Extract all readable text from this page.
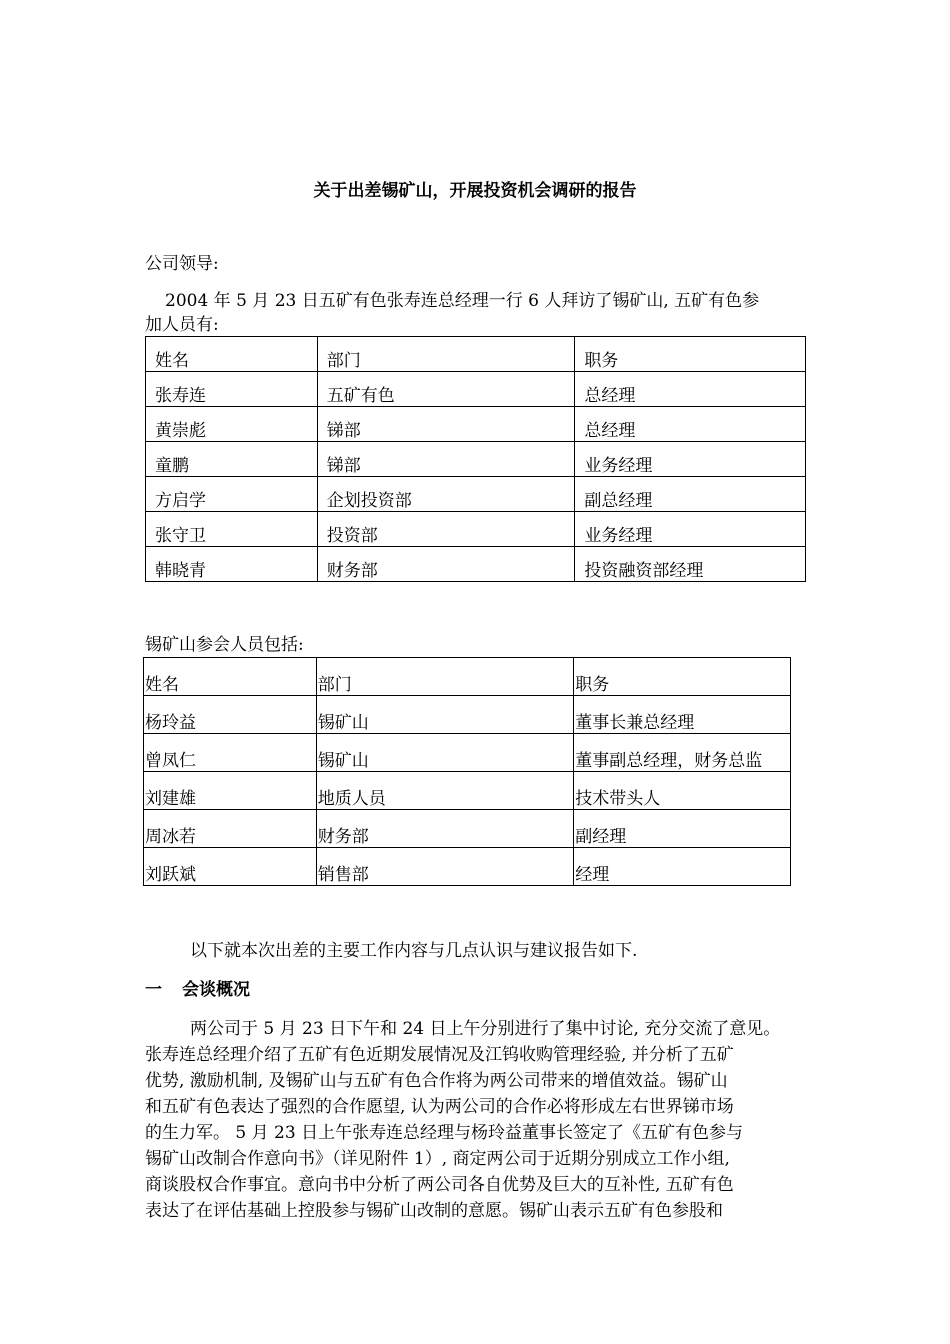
关于出差锡矿山，开展投资机会调研的报告
公司领导:
2004 年 5 月 23 日五矿有色张寿连总经理一行 6 人拜访了锡矿山, 五矿有色参
加人员有:
姓名	部门	职务
张寿连	五矿有色	总经理
黄崇彪	锑部	总经理
童鹏	锑部	业务经理
方启学	企划投资部	副总经理
张守卫	投资部	业务经理
韩晓青	财务部	投资融资部经理
锡矿山参会人员包括:
姓名	部门	职务
杨玲益	锡矿山	董事长兼总经理
曾凤仁	锡矿山	董事副总经理，财务总监
刘建雄	地质人员	技术带头人
周冰若	财务部	副经理
刘跃斌	销售部	经理
以下就本次出差的主要工作内容与几点认识与建议报告如下.
一 会谈概况
两公司于 5 月 23 日下午和 24 日上午分别进行了集中讨论, 充分交流了意见。
张寿连总经理介绍了五矿有色近期发展情况及江钨收购管理经验, 并分析了五矿
优势, 激励机制, 及锡矿山与五矿有色合作将为两公司带来的增值效益。锡矿山
和五矿有色表达了强烈的合作愿望, 认为两公司的合作必将形成左右世界锑市场
的生力军。 5 月 23 日上午张寿连总经理与杨玲益董事长签定了《五矿有色参与
锡矿山改制合作意向书》（详见附件 1）, 商定两公司于近期分别成立工作小组,
商谈股权合作事宜。意向书中分析了两公司各自优势及巨大的互补性, 五矿有色
表达了在评估基础上控股参与锡矿山改制的意愿。锡矿山表示五矿有色参股和
